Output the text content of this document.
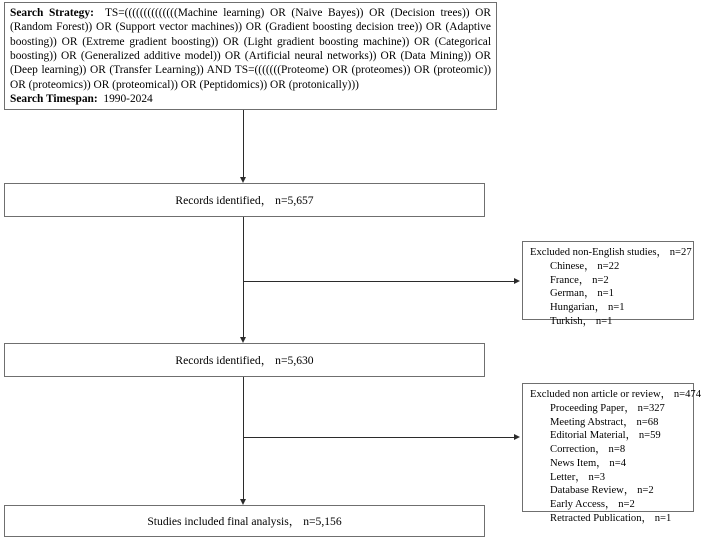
Search Strategy: TS=((((((((((((((Machine learning) OR (Naive Bayes)) OR (Decision trees)) OR (Random Forest)) OR (Support vector machines)) OR (Gradient boosting decision tree)) OR (Adaptive boosting)) OR (Extreme gradient boosting)) OR (Light gradient boosting machine)) OR (Categorical boosting)) OR (Generalized additive model)) OR (Artificial neural networks)) OR (Data Mining)) OR (Deep learning)) OR (Transfer Learning)) AND TS=(((((((Proteome) OR (proteomes)) OR (proteomic)) OR (proteomics)) OR (proteomical)) OR (Peptidomics)) OR (protonically)))
Search Timespan: 1990-2024
Records identified， n=5,657
Excluded non-English studies， n=27
Chinese， n=22
France， n=2
German， n=1
Hungarian， n=1
Turkish， n=1
Records identified， n=5,630
Excluded non article or review， n=474
Proceeding Paper， n=327
Meeting Abstract， n=68
Editorial Material， n=59
Correction， n=8
News Item， n=4
Letter， n=3
Database Review， n=2
Early Access， n=2
Retracted Publication， n=1
Studies included final analysis， n=5,156
